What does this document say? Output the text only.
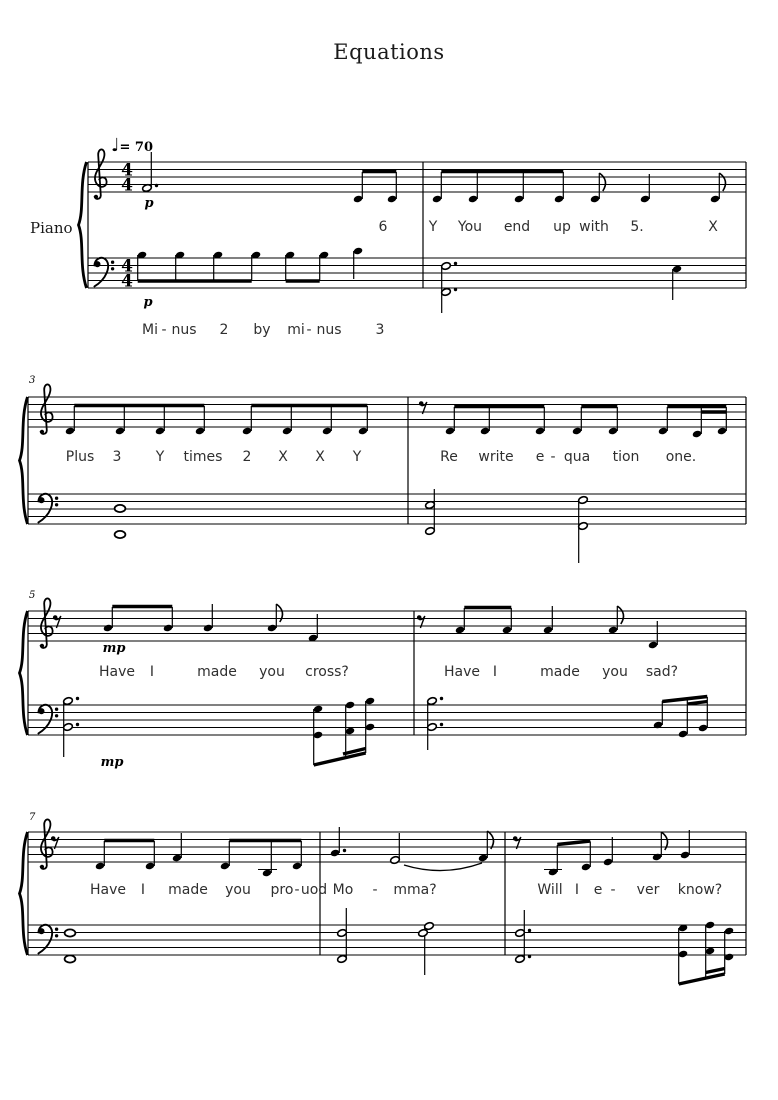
Equations
♩= 70
Piano
4
4
p
6	Y You end up with 5.	X
4
4
p
Mi - nus 2 by mi - nus 3
3
Plus 3 Y times 2 X X Y	Re write e - qua tion one.
5
mp
Have I	made you cross?	Have I	made you sad?
mp
7
Have I made you pro - uod Mo - mma?	Will I e - ver know?
